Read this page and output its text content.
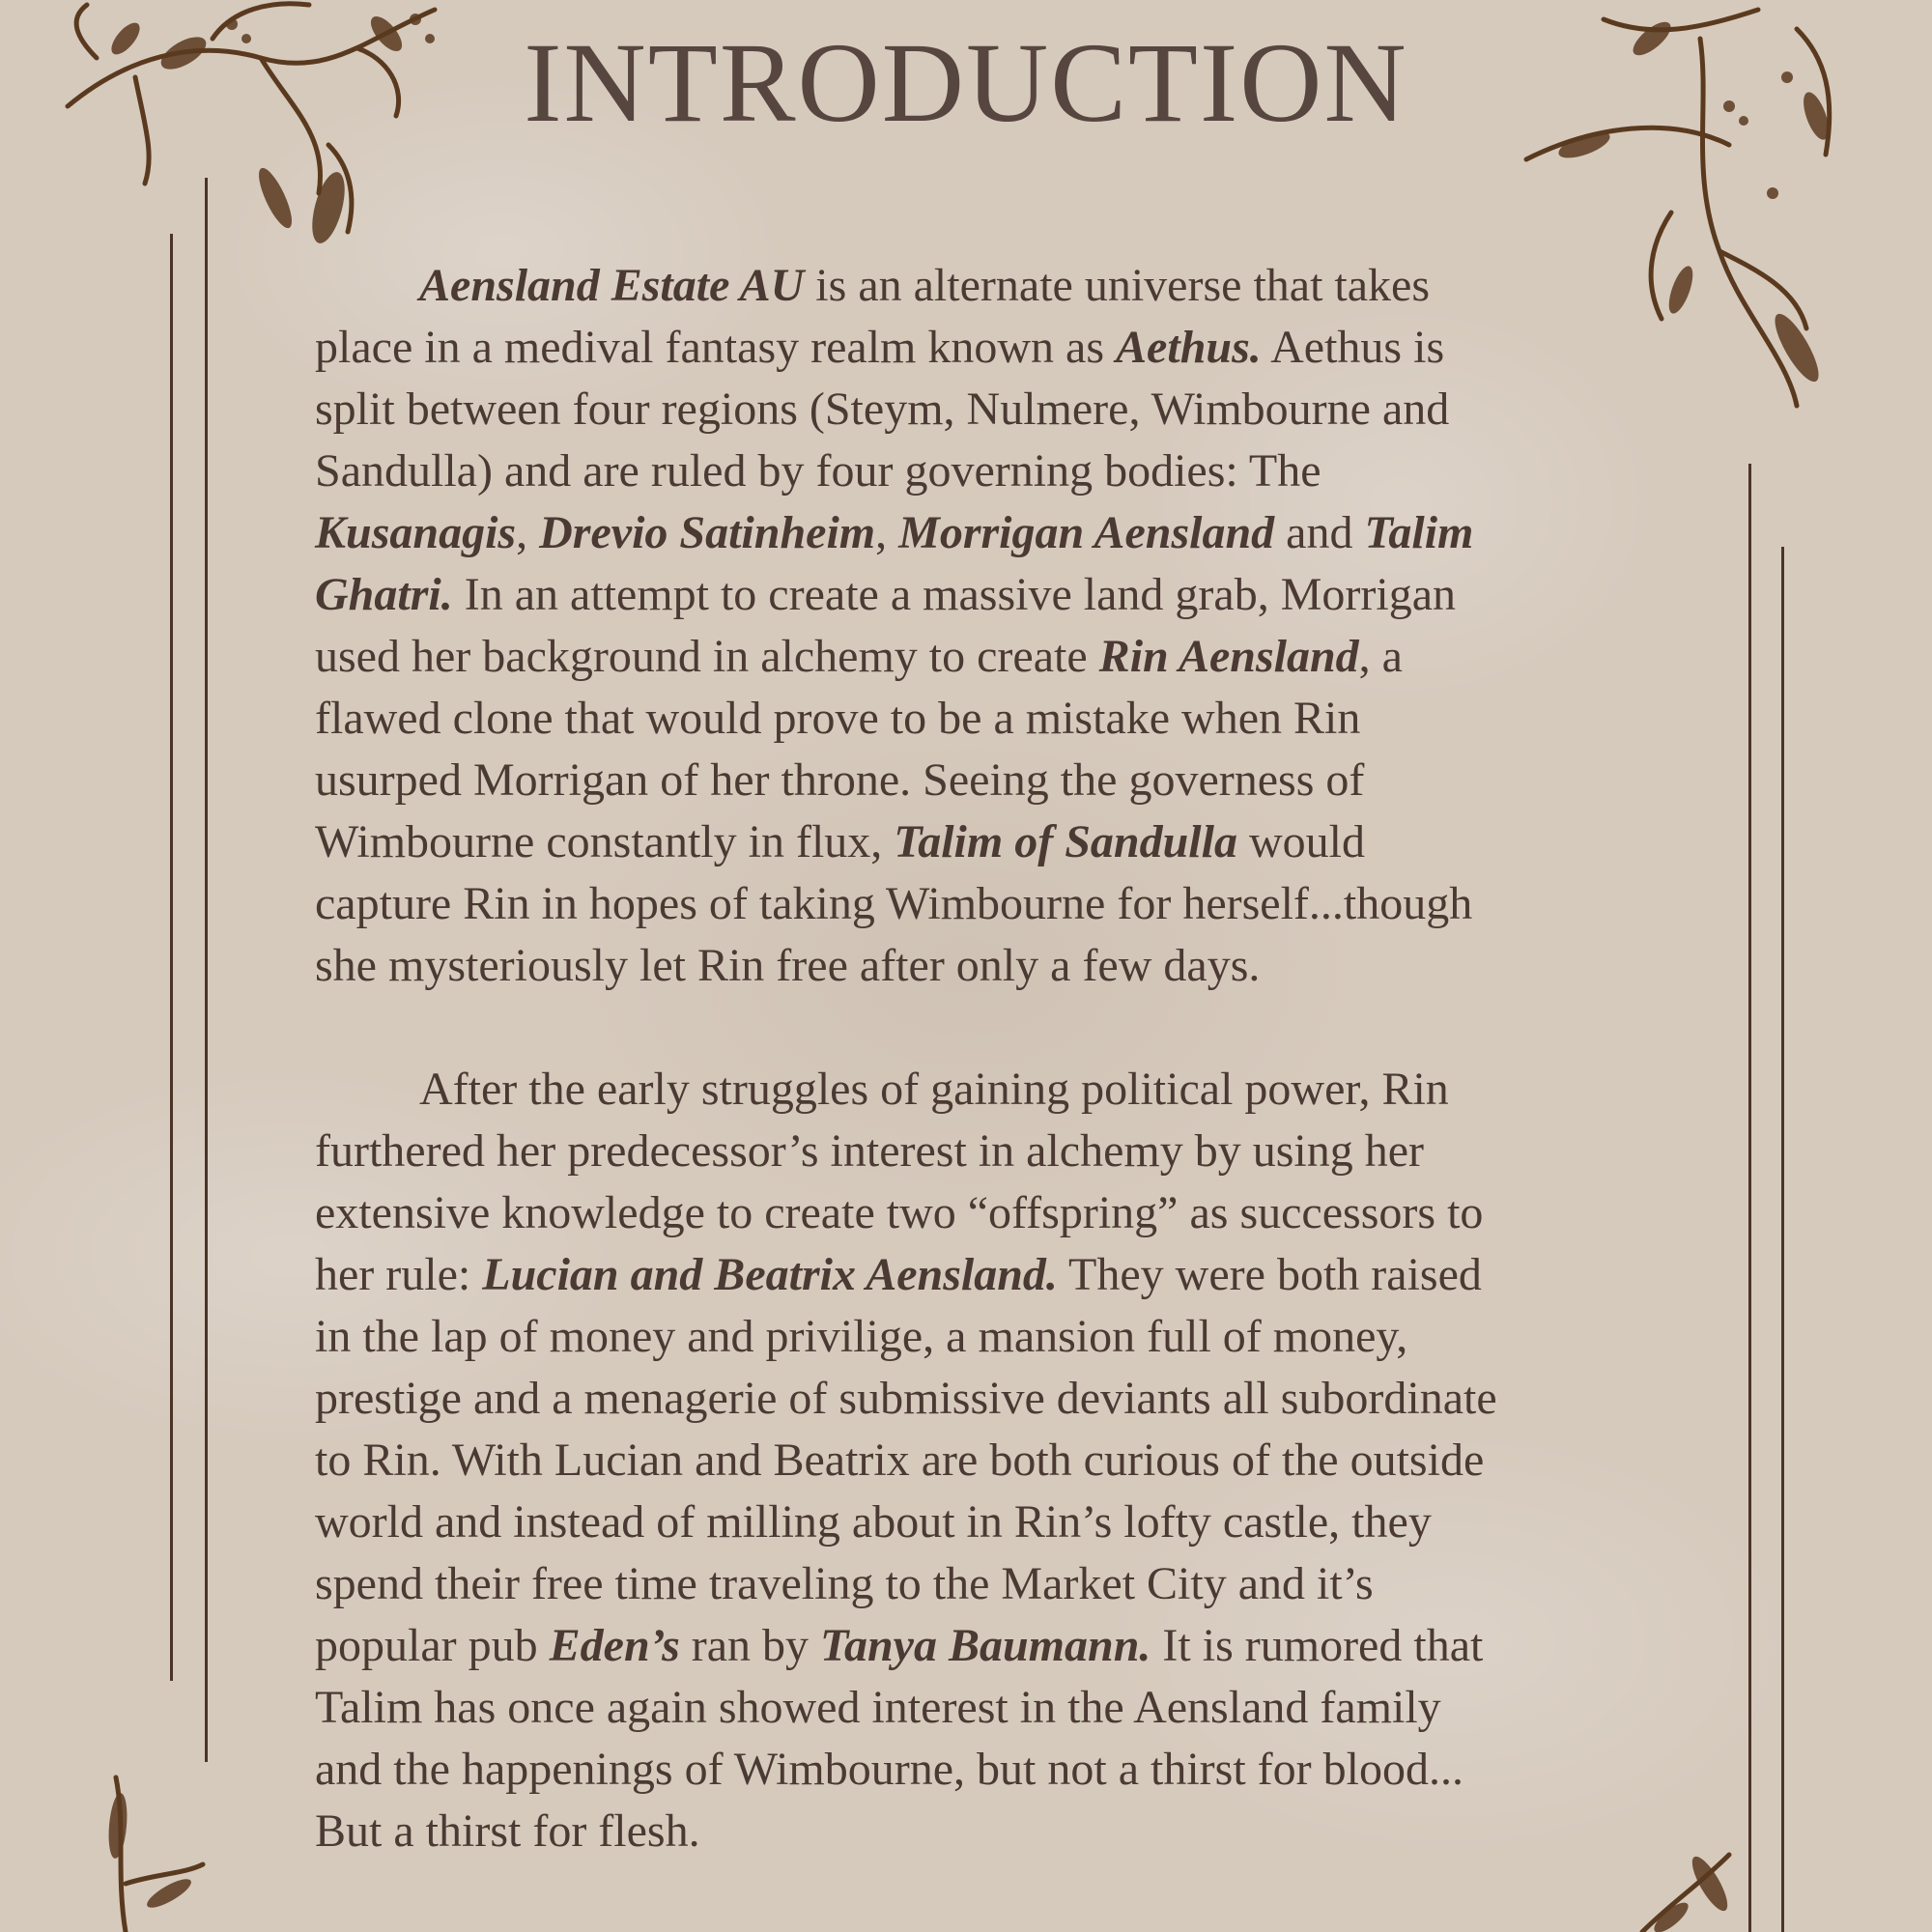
INTRODUCTION
Aensland Estate AU is an alternate universe that takes
place in a medival fantasy realm known as Aethus. Aethus is
split between four regions (Steym, Nulmere, Wimbourne and
Sandulla) and are ruled by four governing bodies: The
Kusanagis, Drevio Satinheim, Morrigan Aensland and Talim
Ghatri. In an attempt to create a massive land grab, Morrigan
used her background in alchemy to create Rin Aensland, a
flawed clone that would prove to be a mistake when Rin
usurped Morrigan of her throne. Seeing the governess of
Wimbourne constantly in flux, Talim of Sandulla would
capture Rin in hopes of taking Wimbourne for herself...though
she mysteriously let Rin free after only a few days.
After the early struggles of gaining political power, Rin
furthered her predecessor’s interest in alchemy by using her
extensive knowledge to create two “offspring” as successors to
her rule: Lucian and Beatrix Aensland. They were both raised
in the lap of money and privilige, a mansion full of money,
prestige and a menagerie of submissive deviants all subordinate
to Rin. With Lucian and Beatrix are both curious of the outside
world and instead of milling about in Rin’s lofty castle, they
spend their free time traveling to the Market City and it’s
popular pub Eden’s ran by Tanya Baumann. It is rumored that
Talim has once again showed interest in the Aensland family
and the happenings of Wimbourne, but not a thirst for blood...
But a thirst for flesh.
